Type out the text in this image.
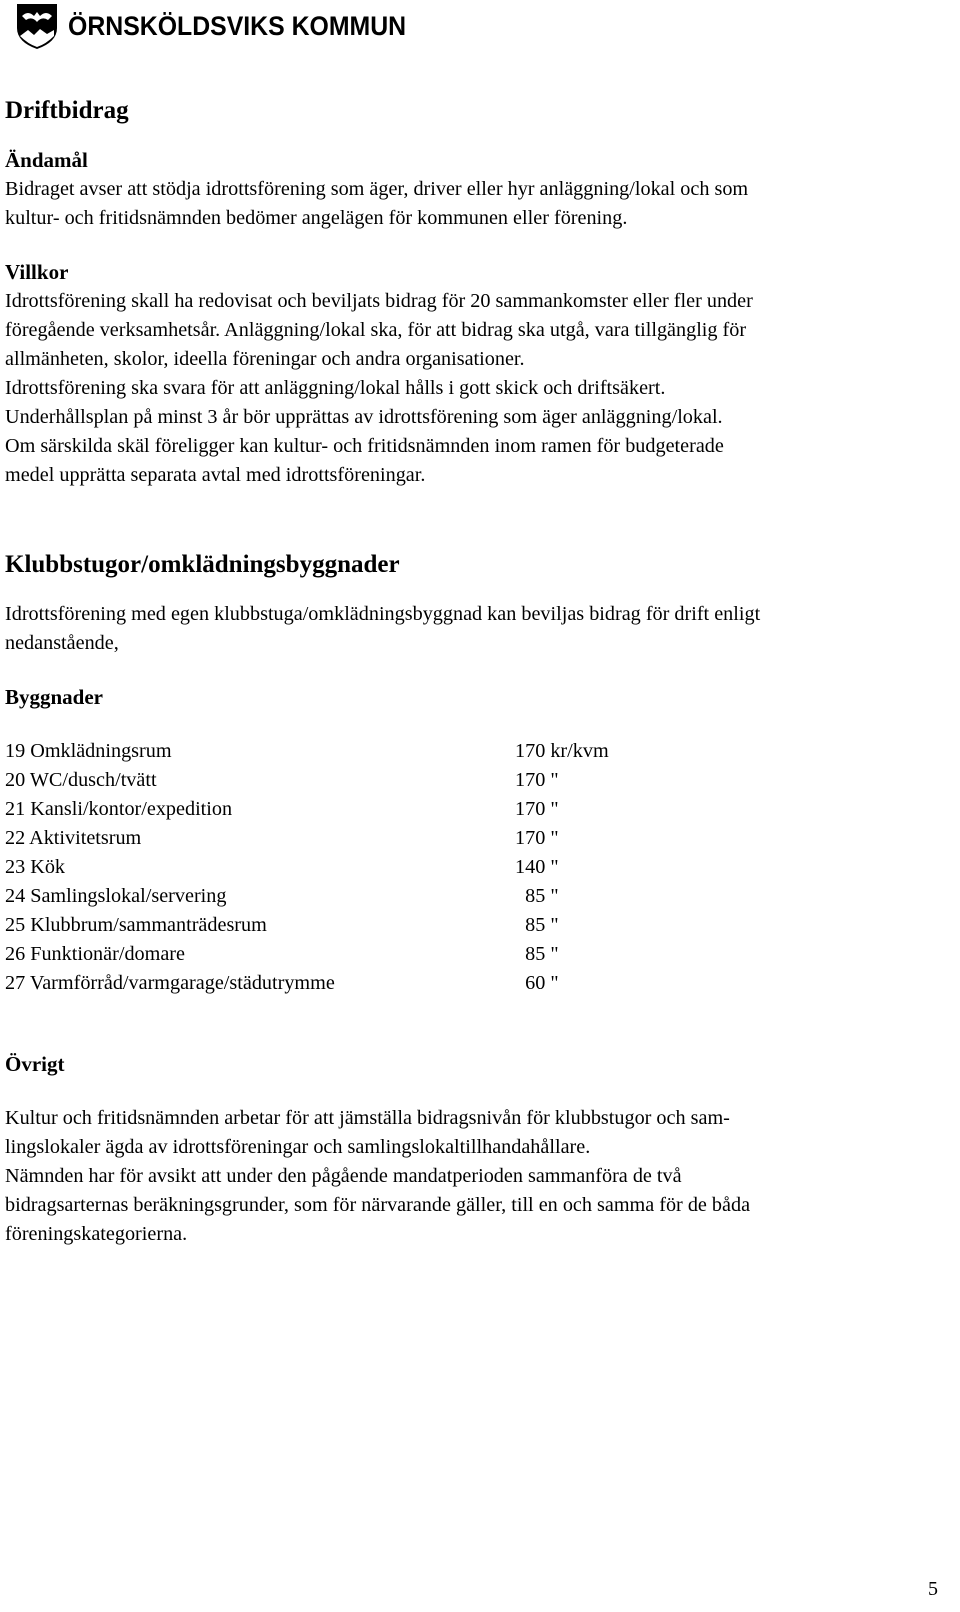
ÖRNSKÖLDSVIKS KOMMUN
Driftbidrag
Ändamål

Bidraget avser att stödja idrottsförening som äger, driver eller hyr anläggning/lokal och som

kultur- och fritidsnämnden bedömer angelägen för kommunen eller förening.

Villkor

Idrottsförening skall ha redovisat och beviljats bidrag för 20 sammankomster eller fler under

föregående verksamhetsår. Anläggning/lokal ska, för att bidrag ska utgå, vara tillgänglig för

allmänheten, skolor, ideella föreningar och andra organisationer.

Idrottsförening ska svara för att anläggning/lokal hålls i gott skick och driftsäkert.

Underhållsplan på minst 3 år bör upprättas av idrottsförening som äger anläggning/lokal.

Om särskilda skäl föreligger kan kultur- och fritidsnämnden inom ramen för budgeterade

medel upprätta separata avtal med idrottsföreningar.

Klubbstugor/omklädningsbyggnader

Idrottsförening med egen klubbstuga/omklädningsbyggnad kan beviljas bidrag för drift enligt

nedanstående,

Byggnader
19 Omklädningsrum	170 kr/kvm
20 WC/dusch/tvätt	170 "
21 Kansli/kontor/expedition	170 "
22 Aktivitetsrum	170 "
23 Kök	140 "
24 Samlingslokal/servering	85 "
25 Klubbrum/sammanträdesrum	85 "
26 Funktionär/domare	85 "
27 Varmförråd/varmgarage/städutrymme	60 "
Övrigt

Kultur och fritidsnämnden arbetar för att jämställa bidragsnivån för klubbstugor och sam-

lingslokaler ägda av idrottsföreningar och samlingslokaltillhandahållare.

Nämnden har för avsikt att under den pågående mandatperioden sammanföra de två

bidragsarternas beräkningsgrunder, som för närvarande gäller, till en och samma för de båda

föreningskategorierna.

5
